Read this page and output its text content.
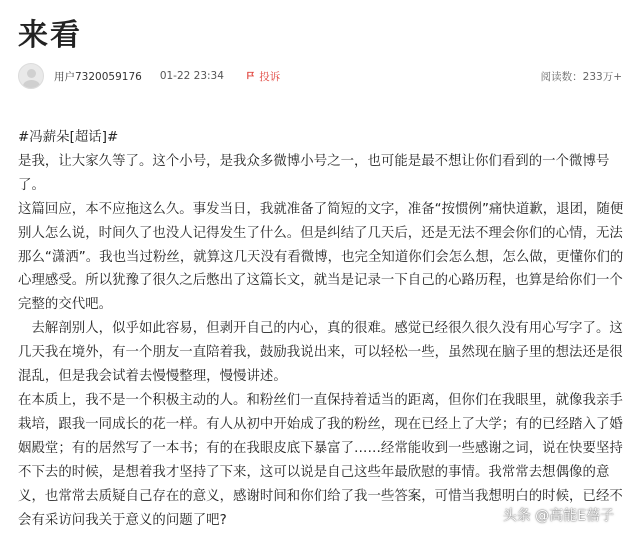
来看
用户7320059176 01-22 23:34	投诉	阅读数：233万+

#冯薪朵[超话]#

是我，让大家久等了。这个小号，是我众多微博小号之一，也可能是最不想让你们看到的一个微博号了。

这篇回应，本不应拖这么久。事发当日，我就准备了简短的文字，准备“按惯例”痛快道歉，退团，随便别人怎么说，时间久了也没人记得发生了什么。但是纠结了几天后，还是无法不理会你们的心情，无法那么“潇洒”。我也当过粉丝，就算这几天没有看微博，也完全知道你们会怎么想，怎么做，更懂你们的心理感受。所以犹豫了很久之后憋出了这篇长文，就当是记录一下自己的心路历程，也算是给你们一个完整的交代吧。

　去解剖别人，似乎如此容易，但剥开自己的内心，真的很难。感觉已经很久很久没有用心写字了。这几天我在境外，有一个朋友一直陪着我，鼓励我说出来，可以轻松一些，虽然现在脑子里的想法还是很混乱，但是我会试着去慢慢整理，慢慢讲述。

在本质上，我不是一个积极主动的人。和粉丝们一直保持着适当的距离，但你们在我眼里，就像我亲手栽培，跟我一同成长的花一样。有人从初中开始成了我的粉丝，现在已经上了大学；有的已经踏入了婚姻殿堂；有的居然写了一本书；有的在我眼皮底下暴富了……经常能收到一些感谢之词，说在快要坚持不下去的时候，是想着我才坚持了下来，这可以说是自己这些年最欣慰的事情。我常常去想偶像的意义，也常常去质疑自己存在的意义，感谢时间和你们给了我一些答案，可惜当我想明白的时候，已经不会有采访问我关于意义的问题了吧?	头条 @高能E蓓子
